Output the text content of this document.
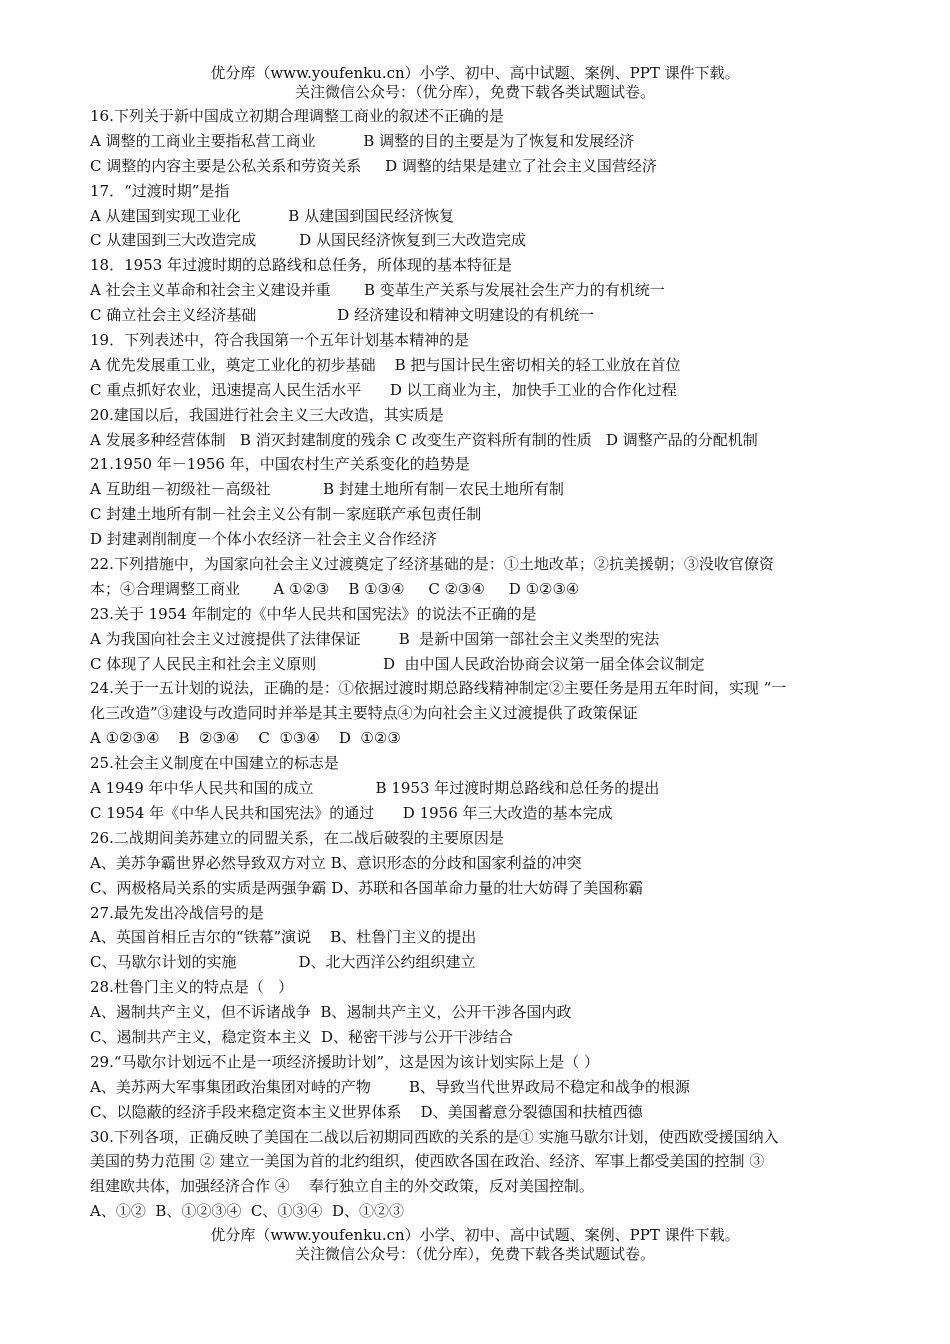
优分库（www.youfenku.cn）小学、初中、高中试题、案例、PPT 课件下载。
关注微信公众号：（优分库），免费下载各类试题试卷。
16.下列关于新中国成立初期合理调整工商业的叙述不正确的是
A 调整的工商业主要指私营工商业          B 调整的目的主要是为了恢复和发展经济
C 调整的内容主要是公私关系和劳资关系     D 调整的结果是建立了社会主义国营经济
17．“过渡时期”是指
A 从建国到实现工业化          B 从建国到国民经济恢复
C 从建国到三大改造完成         D 从国民经济恢复到三大改造完成
18．1953 年过渡时期的总路线和总任务，所体现的基本特征是
A 社会主义革命和社会主义建设并重       B 变革生产关系与发展社会生产力的有机统一
C 确立社会主义经济基础                 D 经济建设和精神文明建设的有机统一
19．下列表述中，符合我国第一个五年计划基本精神的是
A 优先发展重工业，奠定工业化的初步基础    B 把与国计民生密切相关的轻工业放在首位
C 重点抓好农业，迅速提高人民生活水平      D 以工商业为主，加快手工业的合作化过程
20.建国以后，我国进行社会主义三大改造，其实质是
A 发展多种经营体制   B 消灭封建制度的残余 C 改变生产资料所有制的性质   D 调整产品的分配机制
21.1950 年－1956 年，中国农村生产关系变化的趋势是
A 互助组－初级社－高级社           B 封建土地所有制－农民土地所有制
C 封建土地所有制－社会主义公有制－家庭联产承包责任制
D 封建剥削制度－个体小农经济－社会主义合作经济
22.下列措施中，为国家向社会主义过渡奠定了经济基础的是：①土地改革；②抗美援朝；③没收官僚资
本；④合理调整工商业       A ①②③    B ①③④     C ②③④     D ①②③④
23.关于 1954 年制定的《中华人民共和国宪法》的说法不正确的是
A 为我国向社会主义过渡提供了法律保证        B  是新中国第一部社会主义类型的宪法
C 体现了人民民主和社会主义原则              D  由中国人民政治协商会议第一届全体会议制定
24.关于一五计划的说法，正确的是：①依据过渡时期总路线精神制定②主要任务是用五年时间，实现 “一
化三改造”③建设与改造同时并举是其主要特点④为向社会主义过渡提供了政策保证
A ①②③④    B  ②③④    C  ①③④    D  ①②③
25.社会主义制度在中国建立的标志是
A 1949 年中华人民共和国的成立             B 1953 年过渡时期总路线和总任务的提出
C 1954 年《中华人民共和国宪法》的通过      D 1956 年三大改造的基本完成
26.二战期间美苏建立的同盟关系，在二战后破裂的主要原因是
A、美苏争霸世界必然导致双方对立 B、意识形态的分歧和国家利益的冲突
C、两极格局关系的实质是两强争霸 D、苏联和各国革命力量的壮大妨碍了美国称霸
27.最先发出冷战信号的是
A、英国首相丘吉尔的“铁幕”演说    B、杜鲁门主义的提出
C、马歇尔计划的实施             D、北大西洋公约组织建立
28.杜鲁门主义的特点是（   ）
A、遏制共产主义，但不诉诸战争  B、遏制共产主义，公开干涉各国内政
C、遏制共产主义，稳定资本主义  D、秘密干涉与公开干涉结合
29.“马歇尔计划远不止是一项经济援助计划”，这是因为该计划实际上是（ ）
A、美苏两大军事集团政治集团对峙的产物        B、导致当代世界政局不稳定和战争的根源
C、以隐蔽的经济手段来稳定资本主义世界体系    D、美国蓄意分裂德国和扶植西德
30.下列各项，正确反映了美国在二战以后初期同西欧的关系的是① 实施马歇尔计划，使西欧受援国纳入
美国的势力范围 ② 建立一美国为首的北约组织，使西欧各国在政治、经济、军事上都受美国的控制 ③
组建欧共体，加强经济合作 ④    奉行独立自主的外交政策，反对美国控制。
A、①②  B、①②③④  C、①③④  D、①②③
优分库（www.youfenku.cn）小学、初中、高中试题、案例、PPT 课件下载。
关注微信公众号：（优分库），免费下载各类试题试卷。
